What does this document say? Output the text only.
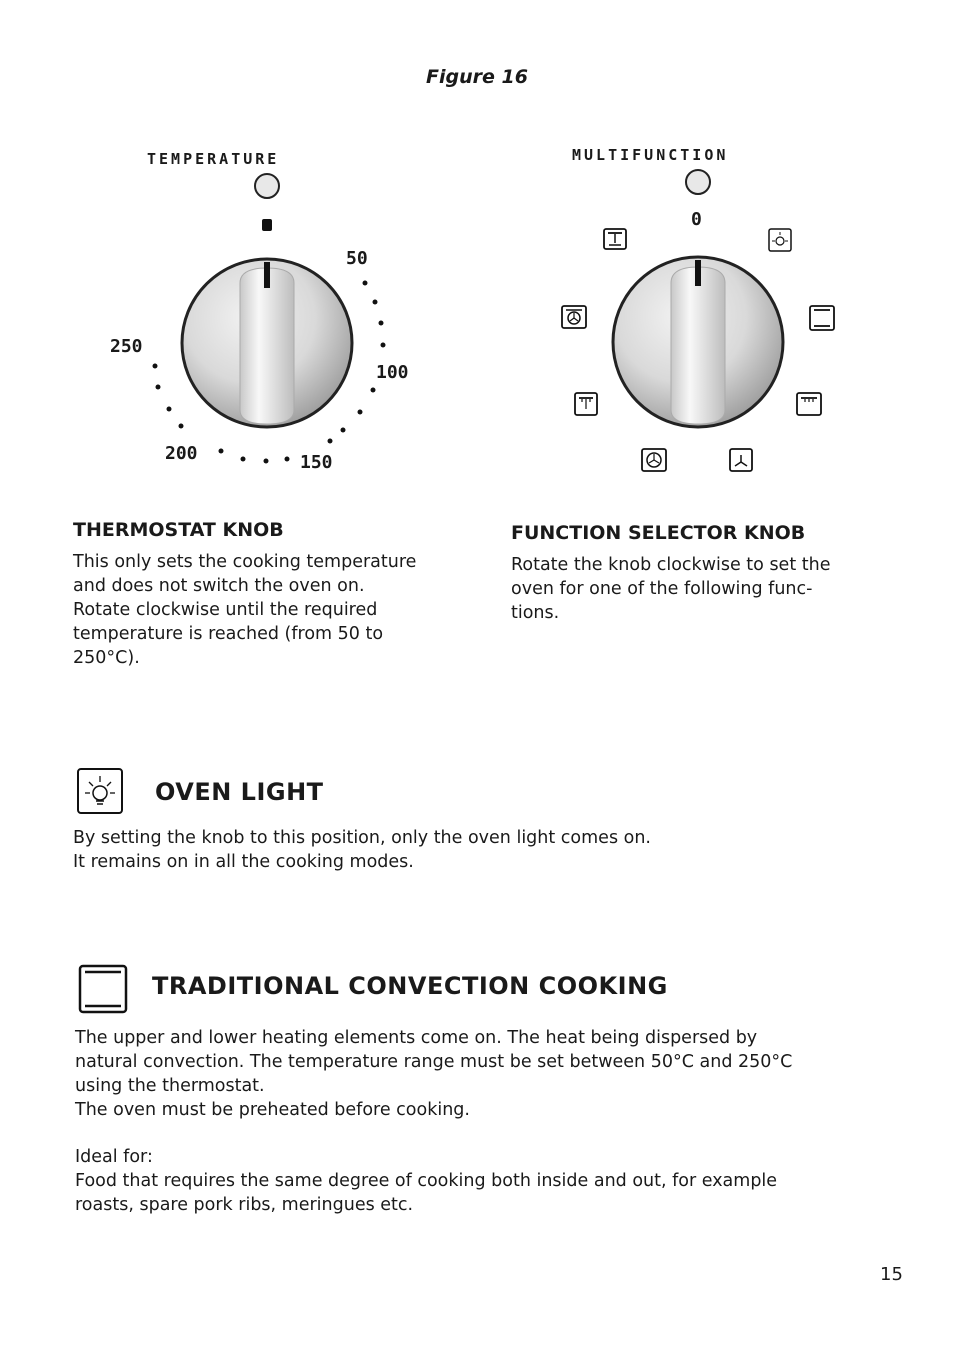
Figure 16
TEMPERATURE
50
100
150
200
250
MULTIFUNCTION
0
THERMOSTAT KNOB
This only sets the cooking temperature
and does not switch the oven on.
Rotate clockwise until the required
temperature is reached (from 50 to
250°C).
FUNCTION SELECTOR KNOB
Rotate the knob clockwise to set the
oven for one of the following func-
tions.
OVEN LIGHT
By setting the knob to this position, only the oven light comes on.
It remains on in all the cooking modes.
TRADITIONAL CONVECTION COOKING
The upper and lower heating elements come on. The heat being dispersed by
natural convection. The temperature range must be set between 50°C and 250°C
using the thermostat.
The oven must be preheated before cooking.
Ideal for:
Food that requires the same degree of cooking both inside and out, for example
roasts, spare pork ribs, meringues etc.
15
